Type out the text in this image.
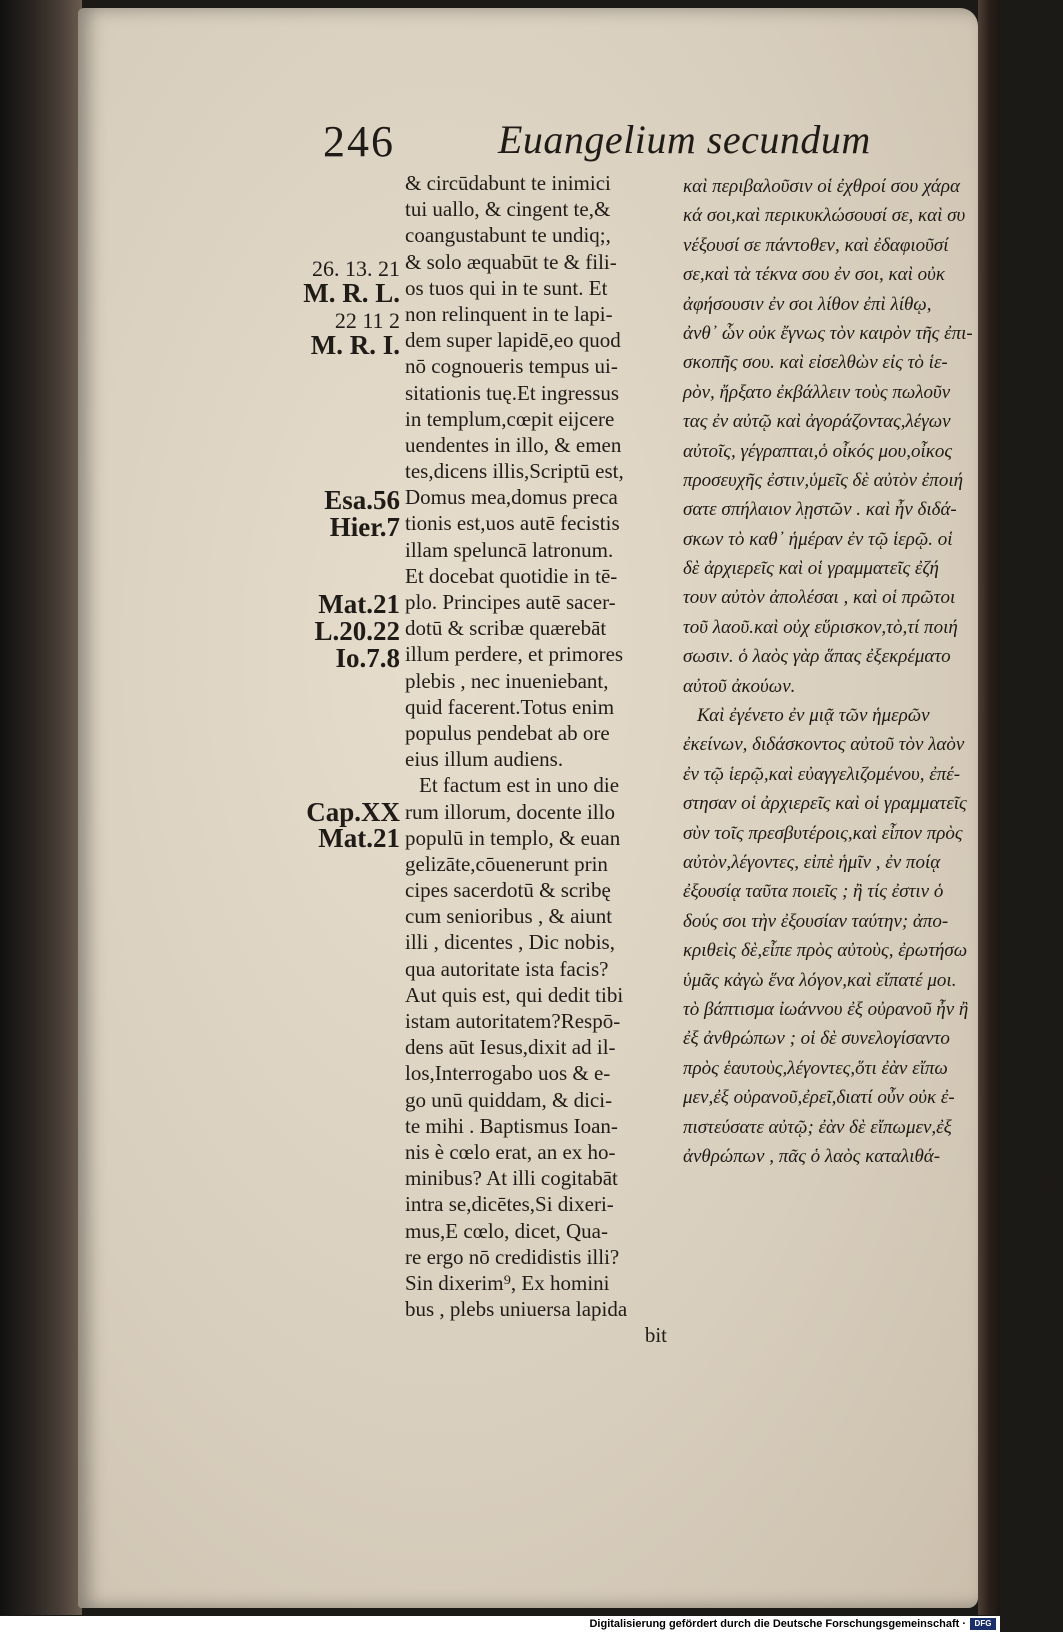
246	Euangelium secundum
26. 13. 21
M. R. L.
22 11 2
M. R. I.
Esa.56
Hier.7
Mat.21
L.20.22
Io.7.8
Cap.XX
Mat.21
& circūdabunt te inimici
tui uallo, & cingent te,&
coangustabunt te undiq;,
& solo æquabūt te & fili-
os tuos qui in te sunt. Et
non relinquent in te lapi-
dem super lapidē,eo quod
nō cognoueris tempus ui-
sitationis tuę.Et ingressus
in templum,cœpit eijcere
uendentes in illo, & emen
tes,dicens illis,Scriptū est,
Domus mea,domus preca
tionis est,uos autē fecistis
illam speluncā latronum.
Et docebat quotidie in tē-
plo. Principes autē sacer-
dotū & scribæ quærebāt
illum perdere, et primores
plebis , nec inueniebant,
quid facerent.Totus enim
populus pendebat ab ore
eius illum audiens.
Et factum est in uno die
rum illorum, docente illo
populū in templo, & euan
gelizāte,cōuenerunt prin
cipes sacerdotū & scribę
cum senioribus , & aiunt
illi , dicentes , Dic nobis,
qua autoritate ista facis?
Aut quis est, qui dedit tibi
istam autoritatem?Respō-
dens aūt Iesus,dixit ad il-
los,Interrogabo uos & e-
go unū quiddam, & dici-
te mihi . Baptismus Ioan-
nis è cœlo erat, an ex ho-
minibus? At illi cogitabāt
intra se,dicētes,Si dixeri-
mus,E cœlo, dicet, Qua-
re ergo nō credidistis illi?
Sin dixerim⁹, Ex homini
bus , plebs uniuersa lapida
bit
καὶ περιβαλοῦσιν οἱ ἐχθροί σου χάρα
κά σοι,καὶ περικυκλώσουσί σε, καὶ συ
νέξουσί σε πάντοθεν, καὶ ἐδαφιοῦσί
σε,καὶ τὰ τέκνα σου ἐν σοι, καὶ οὐκ
ἀφήσουσιν ἐν σοι λίθον ἐπὶ λίθῳ,
ἀνθ᾽ ὧν οὐκ ἔγνως τὸν καιρὸν τῆς ἐπι-
σκοπῆς σου. καὶ εἰσελθὼν εἰς τὸ ἱε-
ρὸν, ἤρξατο ἐκβάλλειν τοὺς πωλοῦν
τας ἐν αὐτῷ καὶ ἀγοράζοντας,λέγων
αὐτοῖς, γέγραπται,ὁ οἶκός μου,οἶκος
προσευχῆς ἐστιν,ὑμεῖς δὲ αὐτὸν ἐποιή
σατε σπήλαιον λῃστῶν . καὶ ἦν διδά-
σκων τὸ καθ᾽ ἡμέραν ἐν τῷ ἱερῷ. οἱ
δὲ ἀρχιερεῖς καὶ οἱ γραμματεῖς ἐζή
τουν αὐτὸν ἀπολέσαι , καὶ οἱ πρῶτοι
τοῦ λαοῦ.καὶ οὐχ εὕρισκον,τὸ,τί ποιή
σωσιν. ὁ λαὸς γὰρ ἅπας ἐξεκρέματο
αὐτοῦ ἀκούων.
Καὶ ἐγένετο ἐν μιᾷ τῶν ἡμερῶν
ἐκείνων, διδάσκοντος αὐτοῦ τὸν λαὸν
ἐν τῷ ἱερῷ,καὶ εὐαγγελιζομένου, ἐπέ-
στησαν οἱ ἀρχιερεῖς καὶ οἱ γραμματεῖς
σὺν τοῖς πρεσβυτέροις,καὶ εἶπον πρὸς
αὐτὸν,λέγοντες, εἰπὲ ἡμῖν , ἐν ποίᾳ
ἐξουσίᾳ ταῦτα ποιεῖς ; ἢ τίς ἐστιν ὁ
δούς σοι τὴν ἐξουσίαν ταύτην; ἀπο-
κριθεὶς δὲ,εἶπε πρὸς αὐτοὺς, ἐρωτήσω
ὑμᾶς κἀγὼ ἕνα λόγον,καὶ εἴπατέ μοι.
τὸ βάπτισμα ἰωάννου ἐξ οὐρανοῦ ἦν ἢ
ἐξ ἀνθρώπων ; οἱ δὲ συνελογίσαντο
πρὸς ἑαυτοὺς,λέγοντες,ὅτι ἐὰν εἴπω
μεν,ἐξ οὐρανοῦ,ἐρεῖ,διατί οὖν οὐκ ἐ-
πιστεύσατε αὐτῷ; ἐὰν δὲ εἴπωμεν,ἐξ
ἀνθρώπων , πᾶς ὁ λαὸς καταλιθά-
σει
Digitalisierung gefördert durch die Deutsche Forschungsgemeinschaft ·	DFG
